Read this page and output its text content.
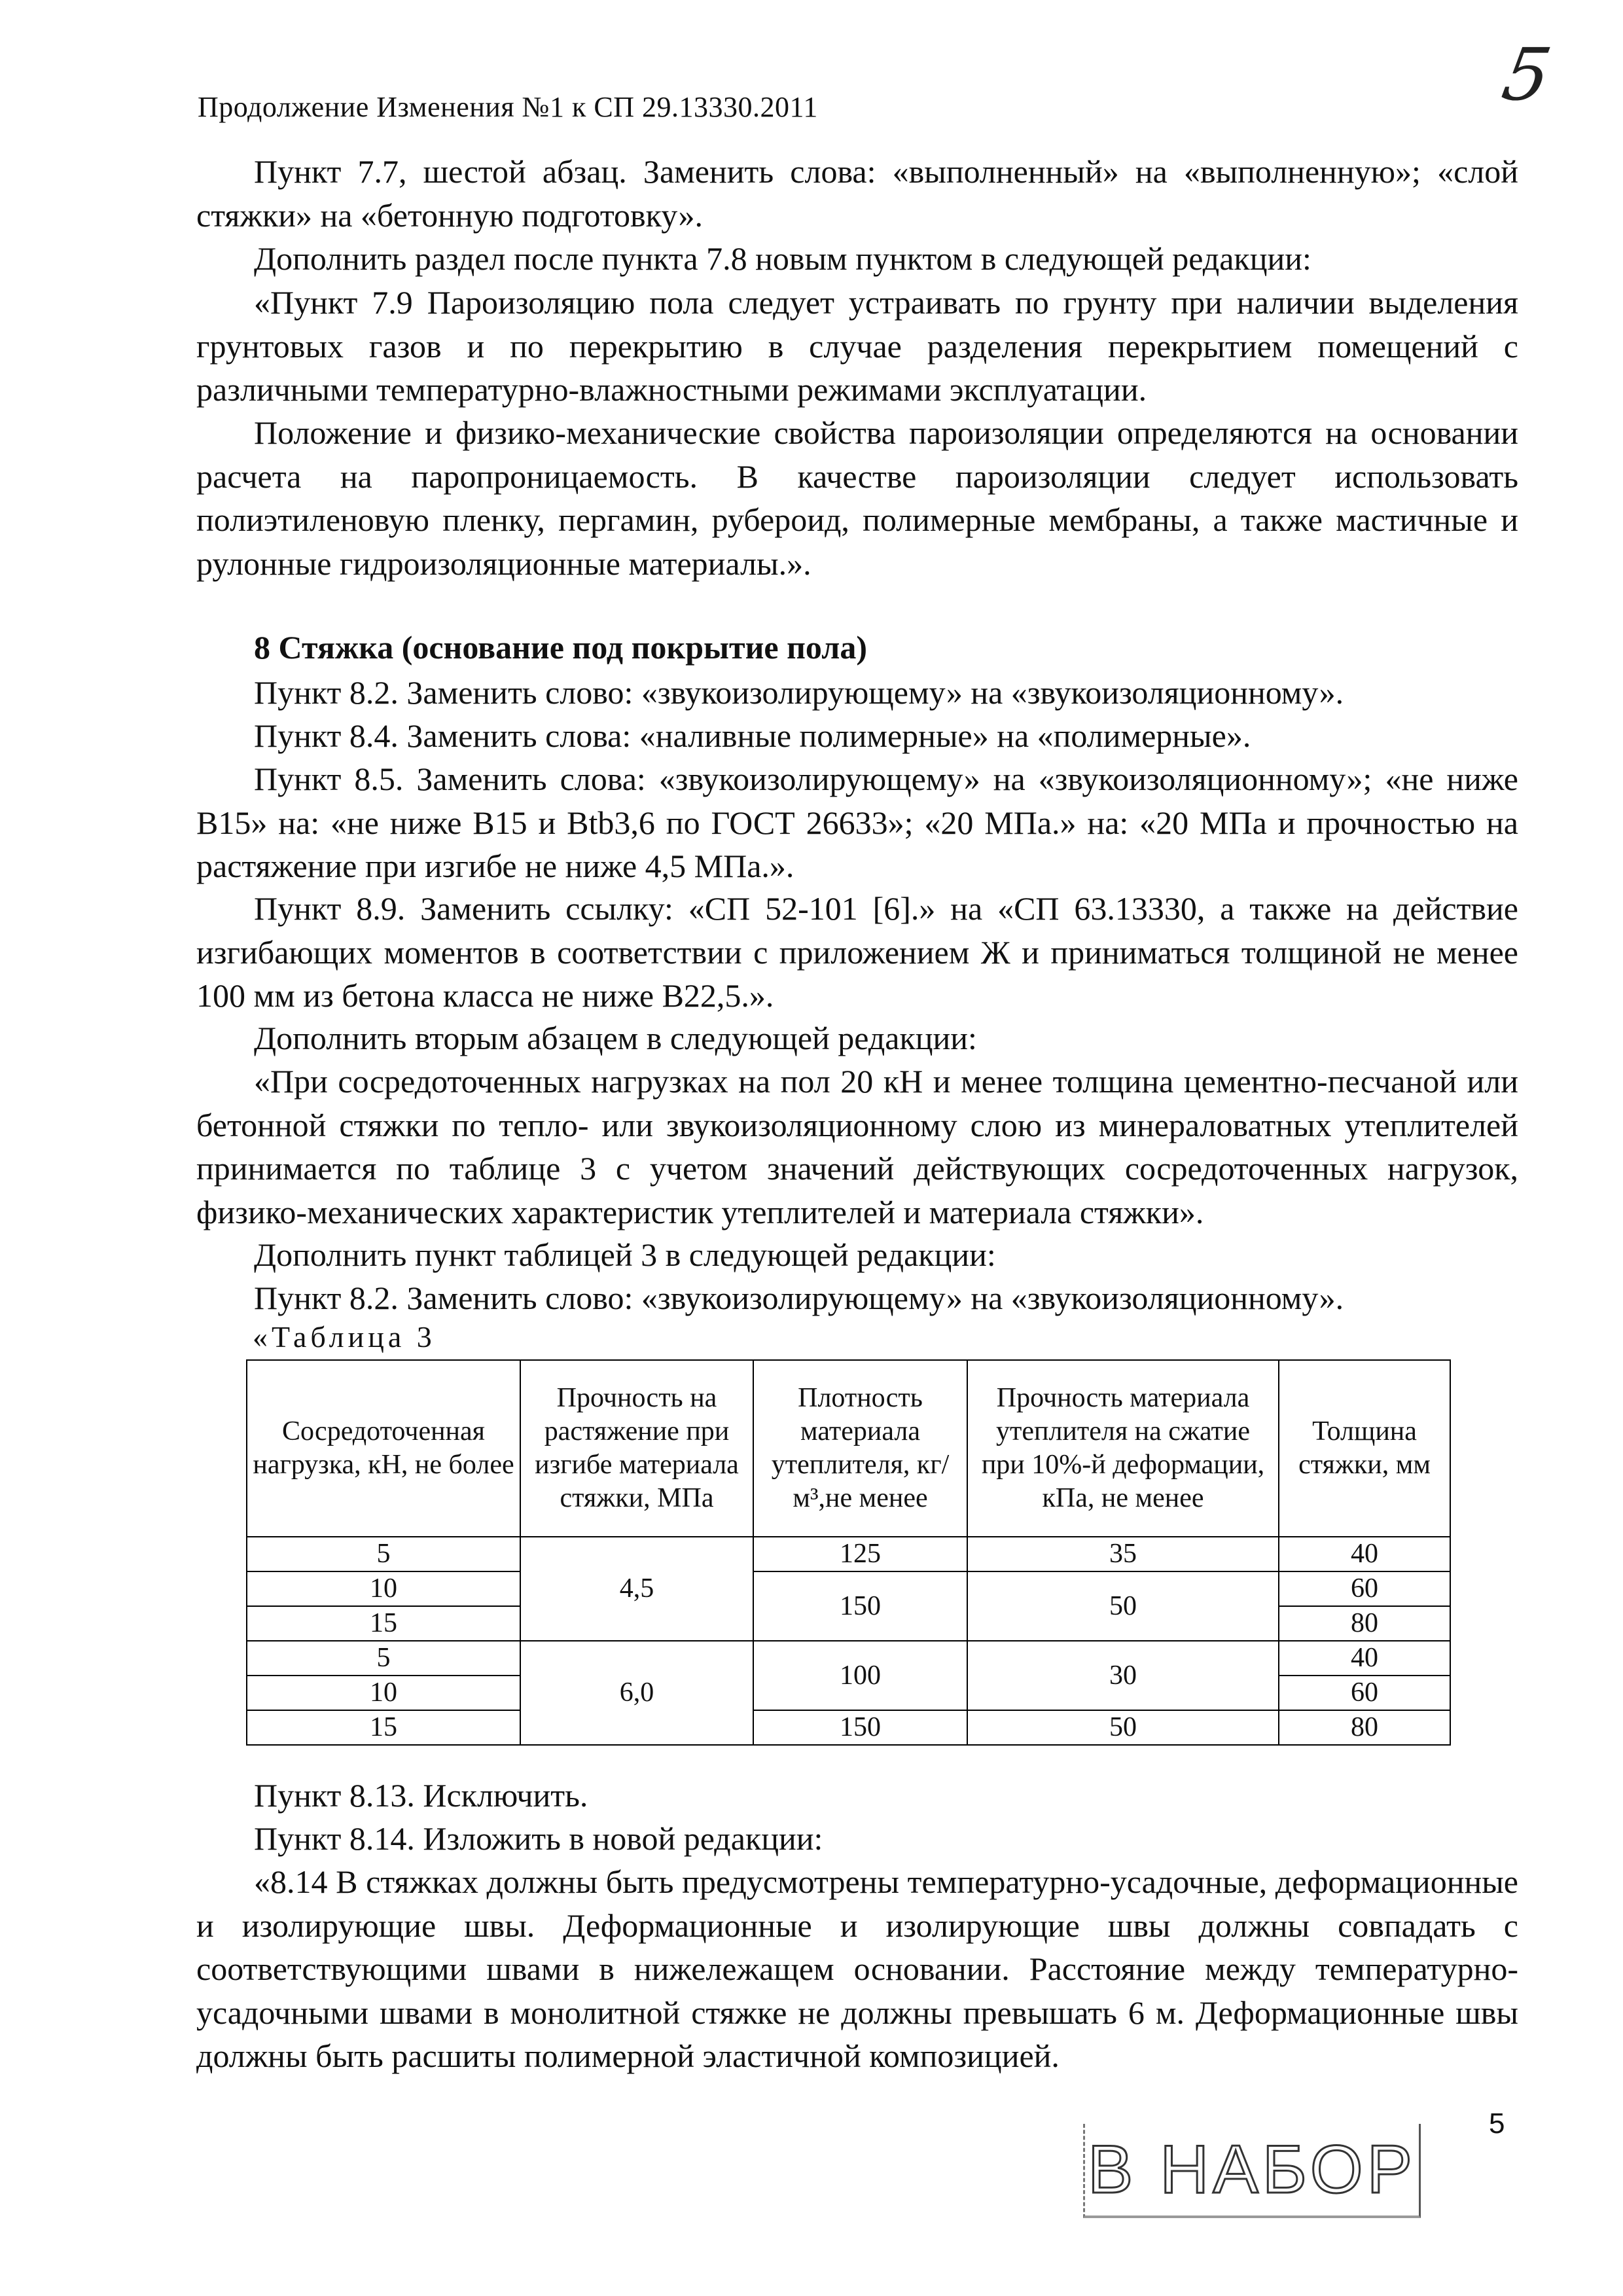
Продолжение Изменения №1 к СП 29.13330.2011	5

Пункт 7.7, шестой абзац. Заменить слова: «выполненный» на «выполненную»; «слой стяжки» на «бетонную подготовку».

Дополнить раздел после пункта 7.8 новым пунктом в следующей редакции:

«Пункт 7.9 Пароизоляцию пола следует устраивать по грунту при наличии выделения грунтовых газов и по перекрытию в случае разделения перекрытием помещений с различными температурно-влажностными режимами эксплуатации.

Положение и физико-механические свойства пароизоляции определяются на основании расчета на паропроницаемость. В качестве пароизоляции следует использовать полиэтиленовую пленку, пергамин, рубероид, полимерные мембраны, а также мастичные и рулонные гидроизоляционные материалы.».

8 Стяжка (основание под покрытие пола)

Пункт 8.2. Заменить слово: «звукоизолирующему» на «звукоизоляционному».

Пункт 8.4. Заменить слова: «наливные полимерные» на «полимерные».

Пункт 8.5. Заменить слова: «звукоизолирующему» на «звукоизоляционному»; «не ниже В15» на: «не ниже В15 и Btb3,6 по ГОСТ 26633»; «20 МПа.» на: «20 МПа и прочностью на растяжение при изгибе не ниже 4,5 МПа.».

Пункт 8.9. Заменить ссылку: «СП 52-101 [6].» на «СП 63.13330, а также на действие изгибающих моментов в соответствии с приложением Ж и приниматься толщиной не менее 100 мм из бетона класса не ниже В22,5.».

Дополнить вторым абзацем в следующей редакции:

«При сосредоточенных нагрузках на пол 20 кН и менее толщина цементно-песчаной или бетонной стяжки по тепло- или звукоизоляционному слою из минераловатных утеплителей принимается по таблице 3 с учетом значений действующих сосредоточенных нагрузок, физико-механических характеристик утеплителей и материала стяжки».

Дополнить пункт таблицей 3 в следующей редакции:

Пункт 8.2. Заменить слово: «звукоизолирующему» на «звукоизоляционному».

«Таблица 3
Сосредоточенная нагрузка, кН, не более	Прочность на растяжение при изгибе материала стяжки, МПа	Плотность материала утеплителя, кг/м³,не менее	Прочность материала утеплителя на сжатие при 10%-й деформации, кПа, не менее	Толщина стяжки, мм
5	4,5	125	35	40
10		150	50	60
15				80
5	6,0	100	30	40
10				60
15		150	50	80

Пункт 8.13. Исключить.

Пункт 8.14. Изложить в новой редакции:

«8.14 В стяжках должны быть предусмотрены температурно-усадочные, деформационные и изолирующие швы. Деформационные и изолирующие швы должны совпадать с соответствующими швами в нижележащем основании. Расстояние между температурно-усадочными швами в монолитной стяжке не должны превышать 6 м. Деформационные швы должны быть расшиты полимерной эластичной композицией.

5
В НАБОР
